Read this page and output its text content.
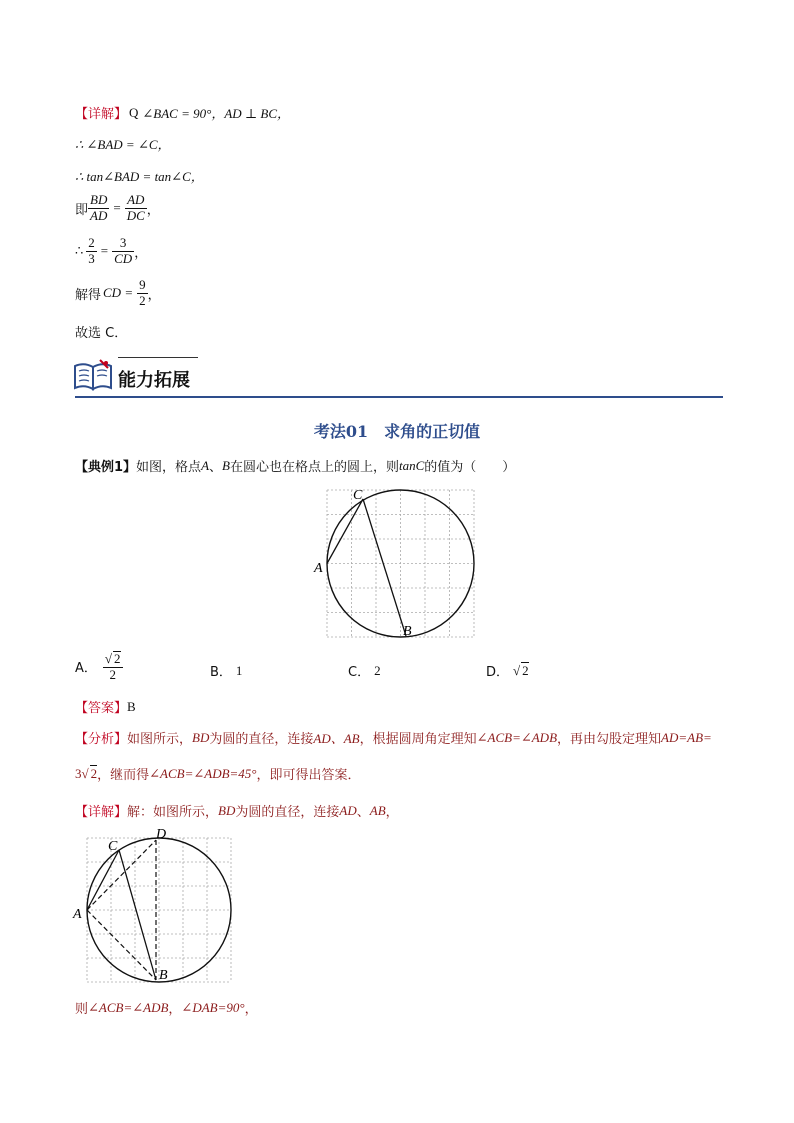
【详解】 Q ∠BAC = 90°，AD ⊥ BC，
∴ ∠BAD = ∠C，
∴ tan∠BAD = tan∠C，
即 $\frac{BD}{AD} = \frac{AD}{DC}$ ，
∴ $\frac{2}{3} = \frac{3}{CD}$ ，
解得 CD = $\frac{9}{2}$ ，
故选 C．
能力拓展
考法01　求角的正切值
【典例1】 如图，格点 A 、 B 在圆心也在格点上的圆上，则 tanC 的值为（　　）
C
A
B
A． $\frac{√ 2}{2}$	B． 1	C． 2	D． √ 2
【答案】 B
【分析】 如图所示， BD 为圆的直径，连接 AD、AB ，根据圆周角定理知 ∠ACB=∠ADB ，再由勾股定理知 AD=AB=
3 √ 2 ，继而得 ∠ACB=∠ADB=45° ，即可得出答案．
【详解】 解：如图所示， BD 为圆的直径，连接 AD 、 AB ，
C
D
A
B
则 ∠ACB=∠ADB ， ∠DAB=90° ，
